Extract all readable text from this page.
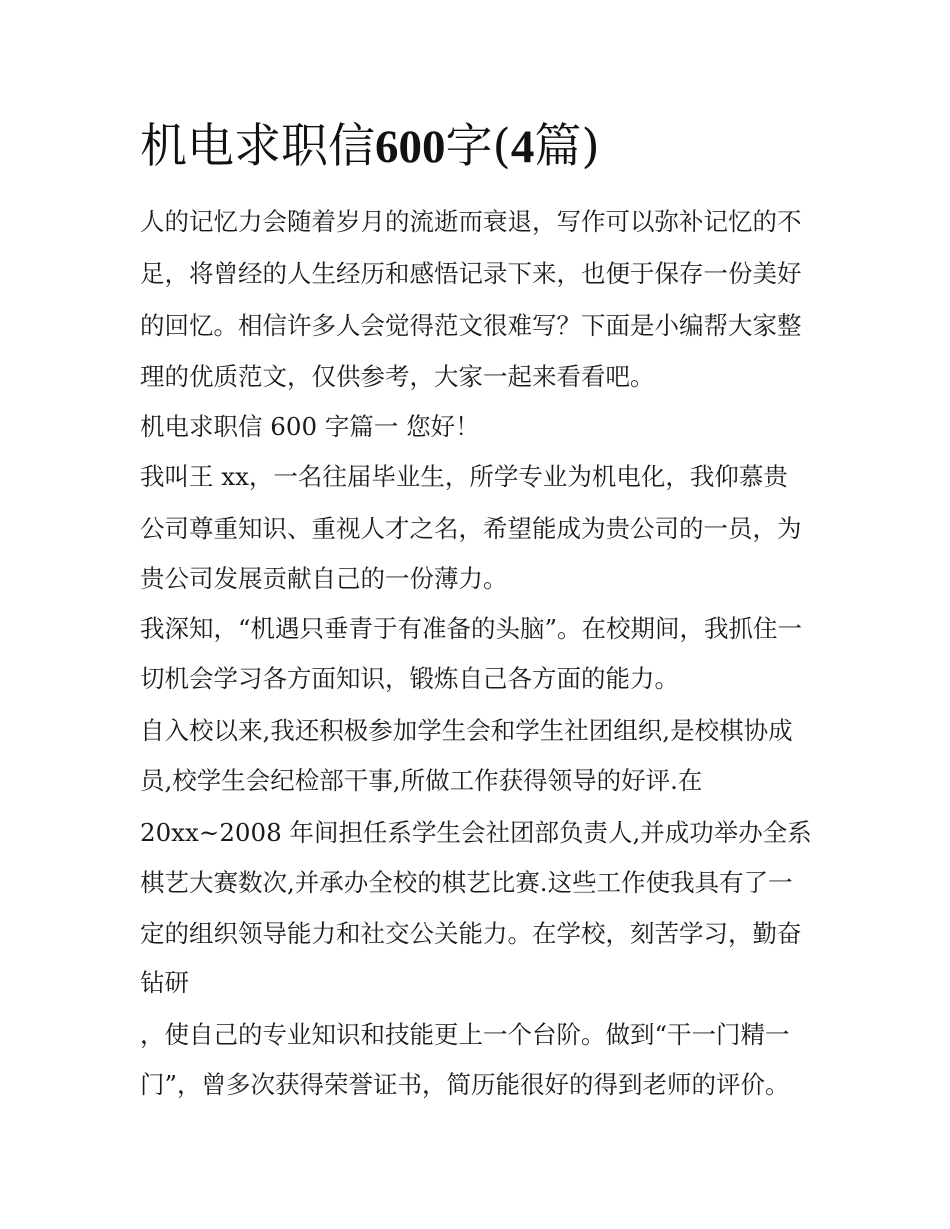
机电求职信600字(4篇)

人的记忆力会随着岁月的流逝而衰退，写作可以弥补记忆的不

足，将曾经的人生经历和感悟记录下来，也便于保存一份美好

的回忆。相信许多人会觉得范文很难写？下面是小编帮大家整

理的优质范文，仅供参考，大家一起来看看吧。

机电求职信 600 字篇一 您好！

我叫王 xx，一名往届毕业生，所学专业为机电化，我仰慕贵

公司尊重知识、重视人才之名，希望能成为贵公司的一员，为

贵公司发展贡献自己的一份薄力。

我深知，“机遇只垂青于有准备的头脑”。在校期间，我抓住一

切机会学习各方面知识，锻炼自己各方面的能力。

自入校以来,我还积极参加学生会和学生社团组织,是校棋协成

员,校学生会纪检部干事,所做工作获得领导的好评.在

20xx~2008 年间担任系学生会社团部负责人,并成功举办全系

棋艺大赛数次,并承办全校的棋艺比赛.这些工作使我具有了一

定的组织领导能力和社交公关能力。在学校，刻苦学习，勤奋

钻研

，使自己的专业知识和技能更上一个台阶。做到“干一门精一

门”，曾多次获得荣誉证书，简历能很好的得到老师的评价。
